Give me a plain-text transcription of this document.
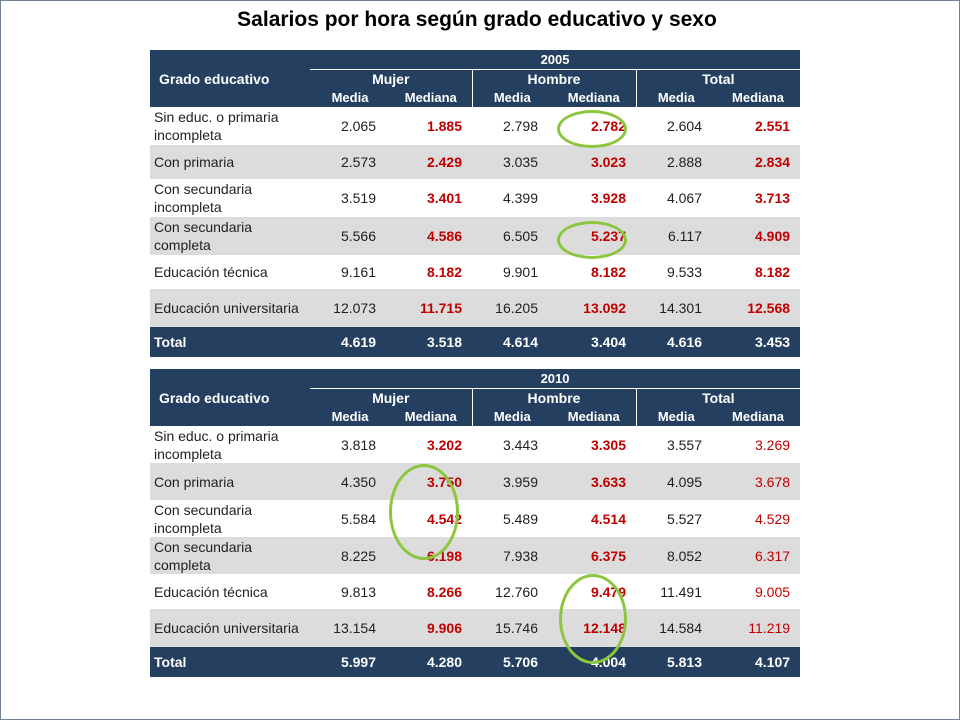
Salarios por hora según grado educativo y sexo
Grado educativo	2005					
	Mujer		Hombre		Total	
	Media	Mediana	Media	Mediana	Media	Mediana
Sin educ. o primaria incompleta	2.065	1.885	2.798	2.782	2.604	2.551
Con primaria	2.573	2.429	3.035	3.023	2.888	2.834
Con secundaria incompleta	3.519	3.401	4.399	3.928	4.067	3.713
Con secundaria completa	5.566	4.586	6.505	5.237	6.117	4.909
Educación técnica	9.161	8.182	9.901	8.182	9.533	8.182
Educación universitaria	12.073	11.715	16.205	13.092	14.301	12.568
Total	4.619	3.518	4.614	3.404	4.616	3.453
Grado educativo	2010					
	Mujer		Hombre		Total	
	Media	Mediana	Media	Mediana	Media	Mediana
Sin educ. o primaria incompleta	3.818	3.202	3.443	3.305	3.557	3.269
Con primaria	4.350	3.750	3.959	3.633	4.095	3.678
Con secundaria incompleta	5.584	4.542	5.489	4.514	5.527	4.529
Con secundaria completa	8.225	6.198	7.938	6.375	8.052	6.317
Educación técnica	9.813	8.266	12.760	9.479	11.491	9.005
Educación universitaria	13.154	9.906	15.746	12.148	14.584	11.219
Total	5.997	4.280	5.706	4.004	5.813	4.107
